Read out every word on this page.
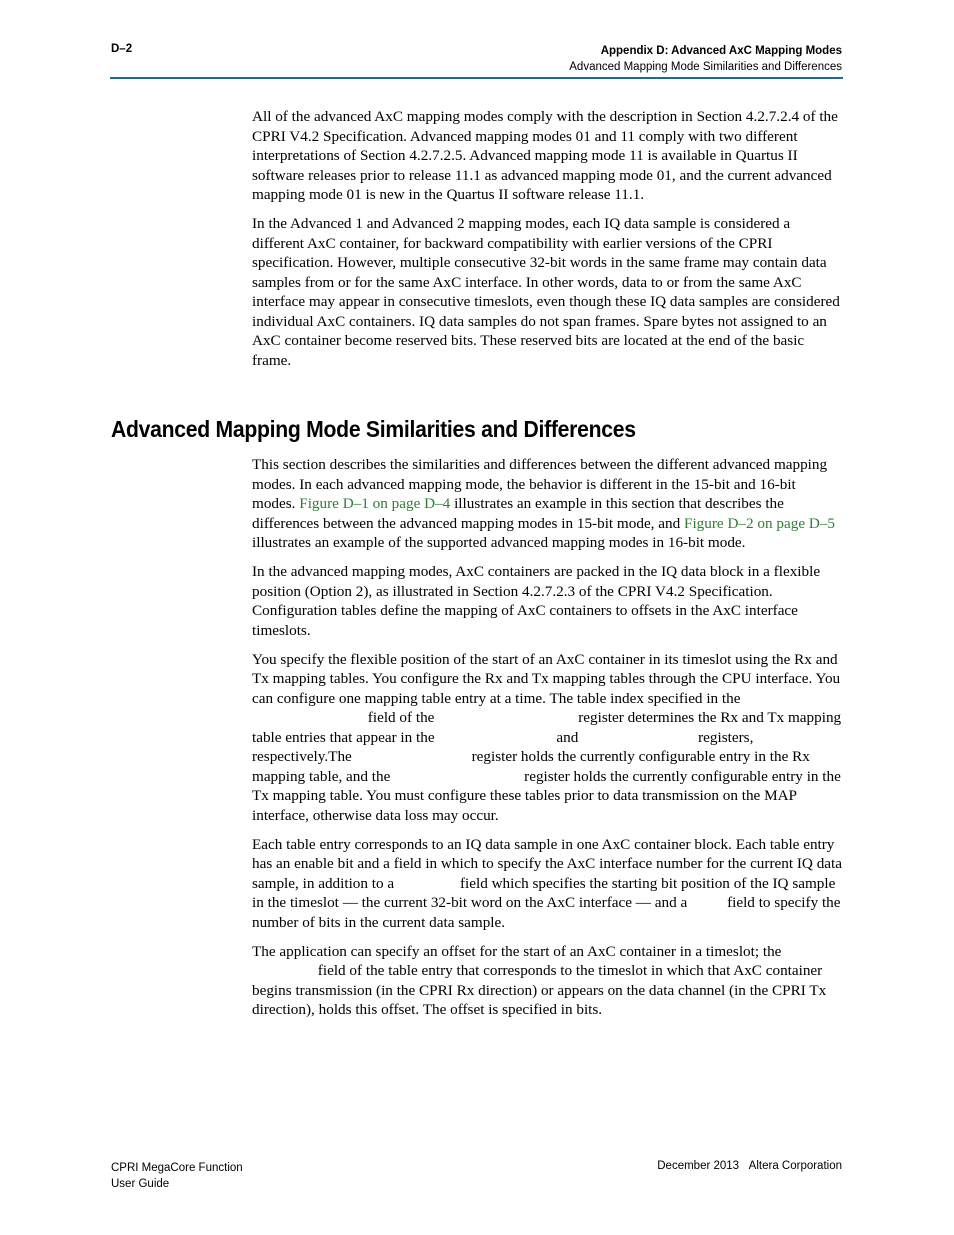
D–2	Appendix D: Advanced AxC Mapping Modes
Advanced Mapping Mode Similarities and Differences

All of the advanced AxC mapping modes comply with the description in Section 4.2.7.2.4 of the CPRI V4.2 Specification. Advanced mapping modes 01 and 11 comply with two different interpretations of Section 4.2.7.2.5. Advanced mapping mode 11 is available in Quartus II software releases prior to release 11.1 as advanced mapping mode 01, and the current advanced mapping mode 01 is new in the Quartus II software release 11.1.

In the Advanced 1 and Advanced 2 mapping modes, each IQ data sample is considered a different AxC container, for backward compatibility with earlier versions of the CPRI specification. However, multiple consecutive 32-bit words in the same frame may contain data samples from or for the same AxC interface. In other words, data to or from the same AxC interface may appear in consecutive timeslots, even though these IQ data samples are considered individual AxC containers. IQ data samples do not span frames. Spare bytes not assigned to an AxC container become reserved bits. These reserved bits are located at the end of the basic frame.

Advanced Mapping Mode Similarities and Differences

This section describes the similarities and differences between the different advanced mapping modes. In each advanced mapping mode, the behavior is different in the 15-bit and 16-bit modes. Figure D–1 on page D–4 illustrates an example in this section that describes the differences between the advanced mapping modes in 15-bit mode, and Figure D–2 on page D–5 illustrates an example of the supported advanced mapping modes in 16-bit mode.

In the advanced mapping modes, AxC containers are packed in the IQ data block in a flexible position (Option 2), as illustrated in Section 4.2.7.2.3 of the CPRI V4.2 Specification. Configuration tables define the mapping of AxC containers to offsets in the AxC interface timeslots.

You specify the flexible position of the start of an AxC container in its timeslot using the Rx and Tx mapping tables. You configure the Rx and Tx mapping tables through the CPU interface. You can configure one mapping table entry at a time. The table index specified in the field of the	register determines the Rx and Tx mapping table entries that appear in the	and	registers, respectively.The	register holds the currently configurable entry in the Rx mapping table, and the	register holds the currently configurable entry in the Tx mapping table. You must configure these tables prior to data transmission on the MAP interface, otherwise data loss may occur.

Each table entry corresponds to an IQ data sample in one AxC container block. Each table entry has an enable bit and a field in which to specify the AxC interface number for the current IQ data sample, in addition to a	field which specifies the starting bit position of the IQ sample in the timeslot — the current 32-bit word on the AxC interface — and a	field to specify the number of bits in the current data sample.

The application can specify an offset for the start of an AxC container in a timeslot; the field of the table entry that corresponds to the timeslot in which that AxC container begins transmission (in the CPRI Rx direction) or appears on the data channel (in the CPRI Tx direction), holds this offset. The offset is specified in bits.

CPRI MegaCore Function
User Guide
December 2013 Altera Corporation
